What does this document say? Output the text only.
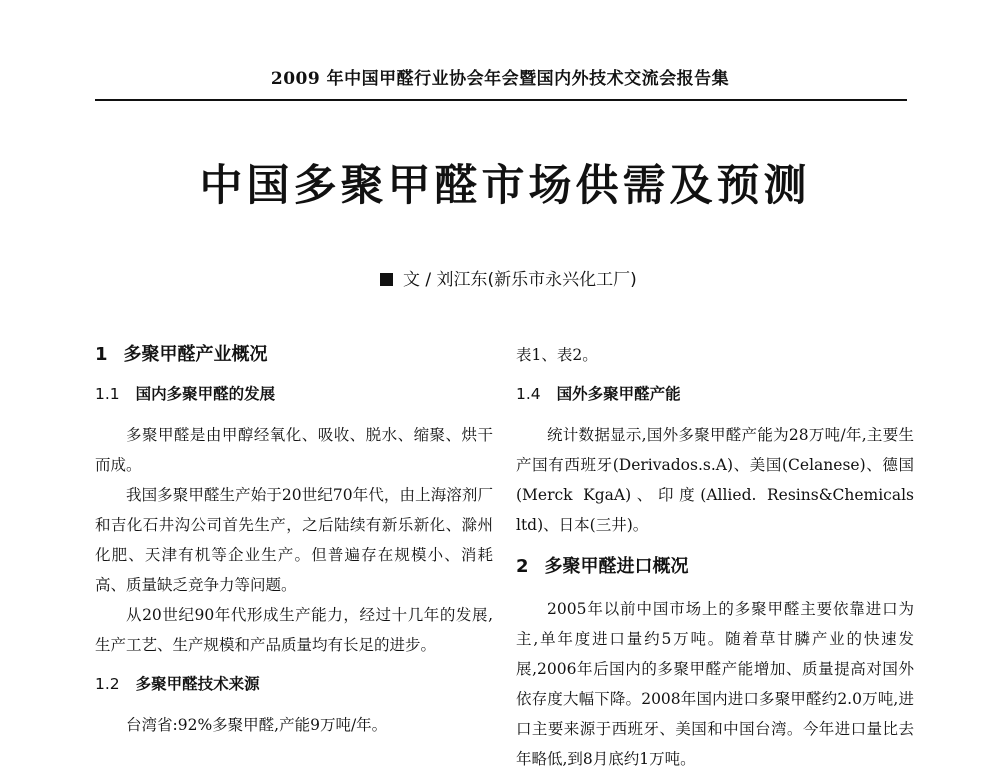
2009 年中国甲醛行业协会年会暨国内外技术交流会报告集
中国多聚甲醛市场供需及预测
文 / 刘江东(新乐市永兴化工厂)
1 多聚甲醛产业概况
1.1 国内多聚甲醛的发展

多聚甲醛是由甲醇经氧化、吸收、脱水、缩聚、烘干而成。

我国多聚甲醛生产始于20世纪70年代，由上海溶剂厂和吉化石井沟公司首先生产，之后陆续有新乐新化、滁州化肥、天津有机等企业生产。但普遍存在规模小、消耗高、质量缺乏竞争力等问题。

从20世纪90年代形成生产能力，经过十几年的发展,生产工艺、生产规模和产品质量均有长足的进步。

1.2 多聚甲醛技术来源

台湾省:92%多聚甲醛,产能9万吨/年。

表1、表2。

1.4 国外多聚甲醛产能

统计数据显示,国外多聚甲醛产能为28万吨/年,主要生产国有西班牙(Derivados.s.A)、美国(Celanese)、德国(Merck KgaA)、印度(Allied. Resins&Chemicals ltd)、日本(三井)。

2 多聚甲醛进口概况

2005年以前中国市场上的多聚甲醛主要依靠进口为主,单年度进口量约5万吨。随着草甘膦产业的快速发展,2006年后国内的多聚甲醛产能增加、质量提高对国外依存度大幅下降。2008年国内进口多聚甲醛约2.0万吨,进口主要来源于西班牙、美国和中国台湾。今年进口量比去年略低,到8月底约1万吨。
